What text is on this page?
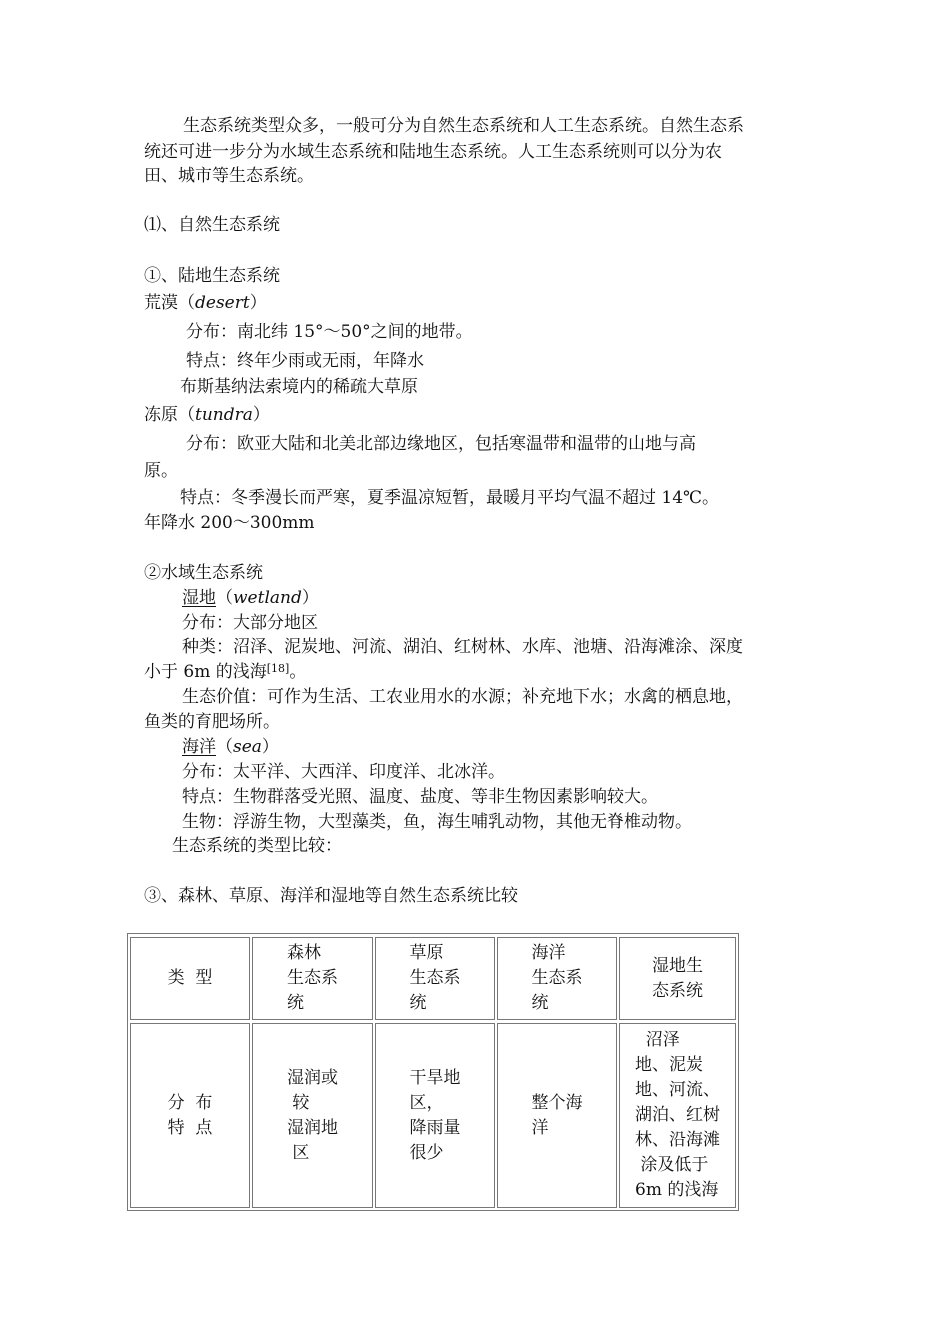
生态系统类型众多，一般可分为自然生态系统和人工生态系统。自然生态系
统还可进一步分为水域生态系统和陆地生态系统。人工生态系统则可以分为农
田、城市等生态系统。
⑴、自然生态系统
①、陆地生态系统
荒漠（desert）
分布：南北纬 15°～50°之间的地带。
特点：终年少雨或无雨，年降水
布斯基纳法索境内的稀疏大草原
冻原（tundra）
分布：欧亚大陆和北美北部边缘地区，包括寒温带和温带的山地与高
原。
特点：冬季漫长而严寒，夏季温凉短暂，最暖月平均气温不超过 14℃。
年降水 200～300mm
②水域生态系统
湿地（wetland）
分布：大部分地区
种类：沼泽、泥炭地、河流、湖泊、红树林、水库、池塘、沿海滩涂、深度
小于 6m 的浅海[18]。
生态价值：可作为生活、工农业用水的水源；补充地下水；水禽的栖息地，
鱼类的育肥场所。
海洋（sea）
分布：太平洋、大西洋、印度洋、北冰洋。
特点：生物群落受光照、温度、盐度、等非生物因素影响较大。
生物：浮游生物，大型藻类，鱼，海生哺乳动物，其他无脊椎动物。
生态系统的类型比较：
③、森林、草原、海洋和湿地等自然生态系统比较
类  型
森林
生态系
统
草原
生态系
统
海洋
生态系
统
湿地生
态系统
分  布
特  点
湿润或
较
湿润地
区
干旱地
区，
降雨量
很少
整个海
洋
沼泽
地、泥炭
地、河流、
湖泊、红树
林、沿海滩
涂及低于
6m 的浅海
